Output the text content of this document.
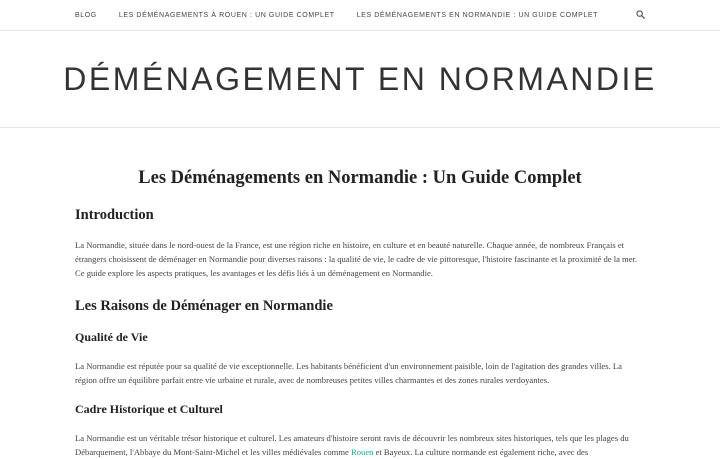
BLOG	LES DÉMÉNAGEMENTS À ROUEN : UN GUIDE COMPLET	LES DÉMÉNAGEMENTS EN NORMANDIE : UN GUIDE COMPLET
DÉMÉNAGEMENT EN NORMANDIE
Les Déménagements en Normandie : Un Guide Complet
Introduction

La Normandie, située dans le nord-ouest de la France, est une région riche en histoire, en culture et en beauté naturelle. Chaque année, de nombreux Français et étrangers choisissent de déménager en Normandie pour diverses raisons : la qualité de vie, le cadre de vie pittoresque, l'histoire fascinante et la proximité de la mer. Ce guide explore les aspects pratiques, les avantages et les défis liés à un déménagement en Normandie.

Les Raisons de Déménager en Normandie
Qualité de Vie

La Normandie est réputée pour sa qualité de vie exceptionnelle. Les habitants bénéficient d'un environnement paisible, loin de l'agitation des grandes villes. La région offre un équilibre parfait entre vie urbaine et rurale, avec de nombreuses petites villes charmantes et des zones rurales verdoyantes.

Cadre Historique et Culturel

La Normandie est un véritable trésor historique et culturel. Les amateurs d'histoire seront ravis de découvrir les nombreux sites historiques, tels que les plages du Débarquement, l'Abbaye du Mont-Saint-Michel et les villes médiévales comme Rouen et Bayeux. La culture normande est également riche, avec des
